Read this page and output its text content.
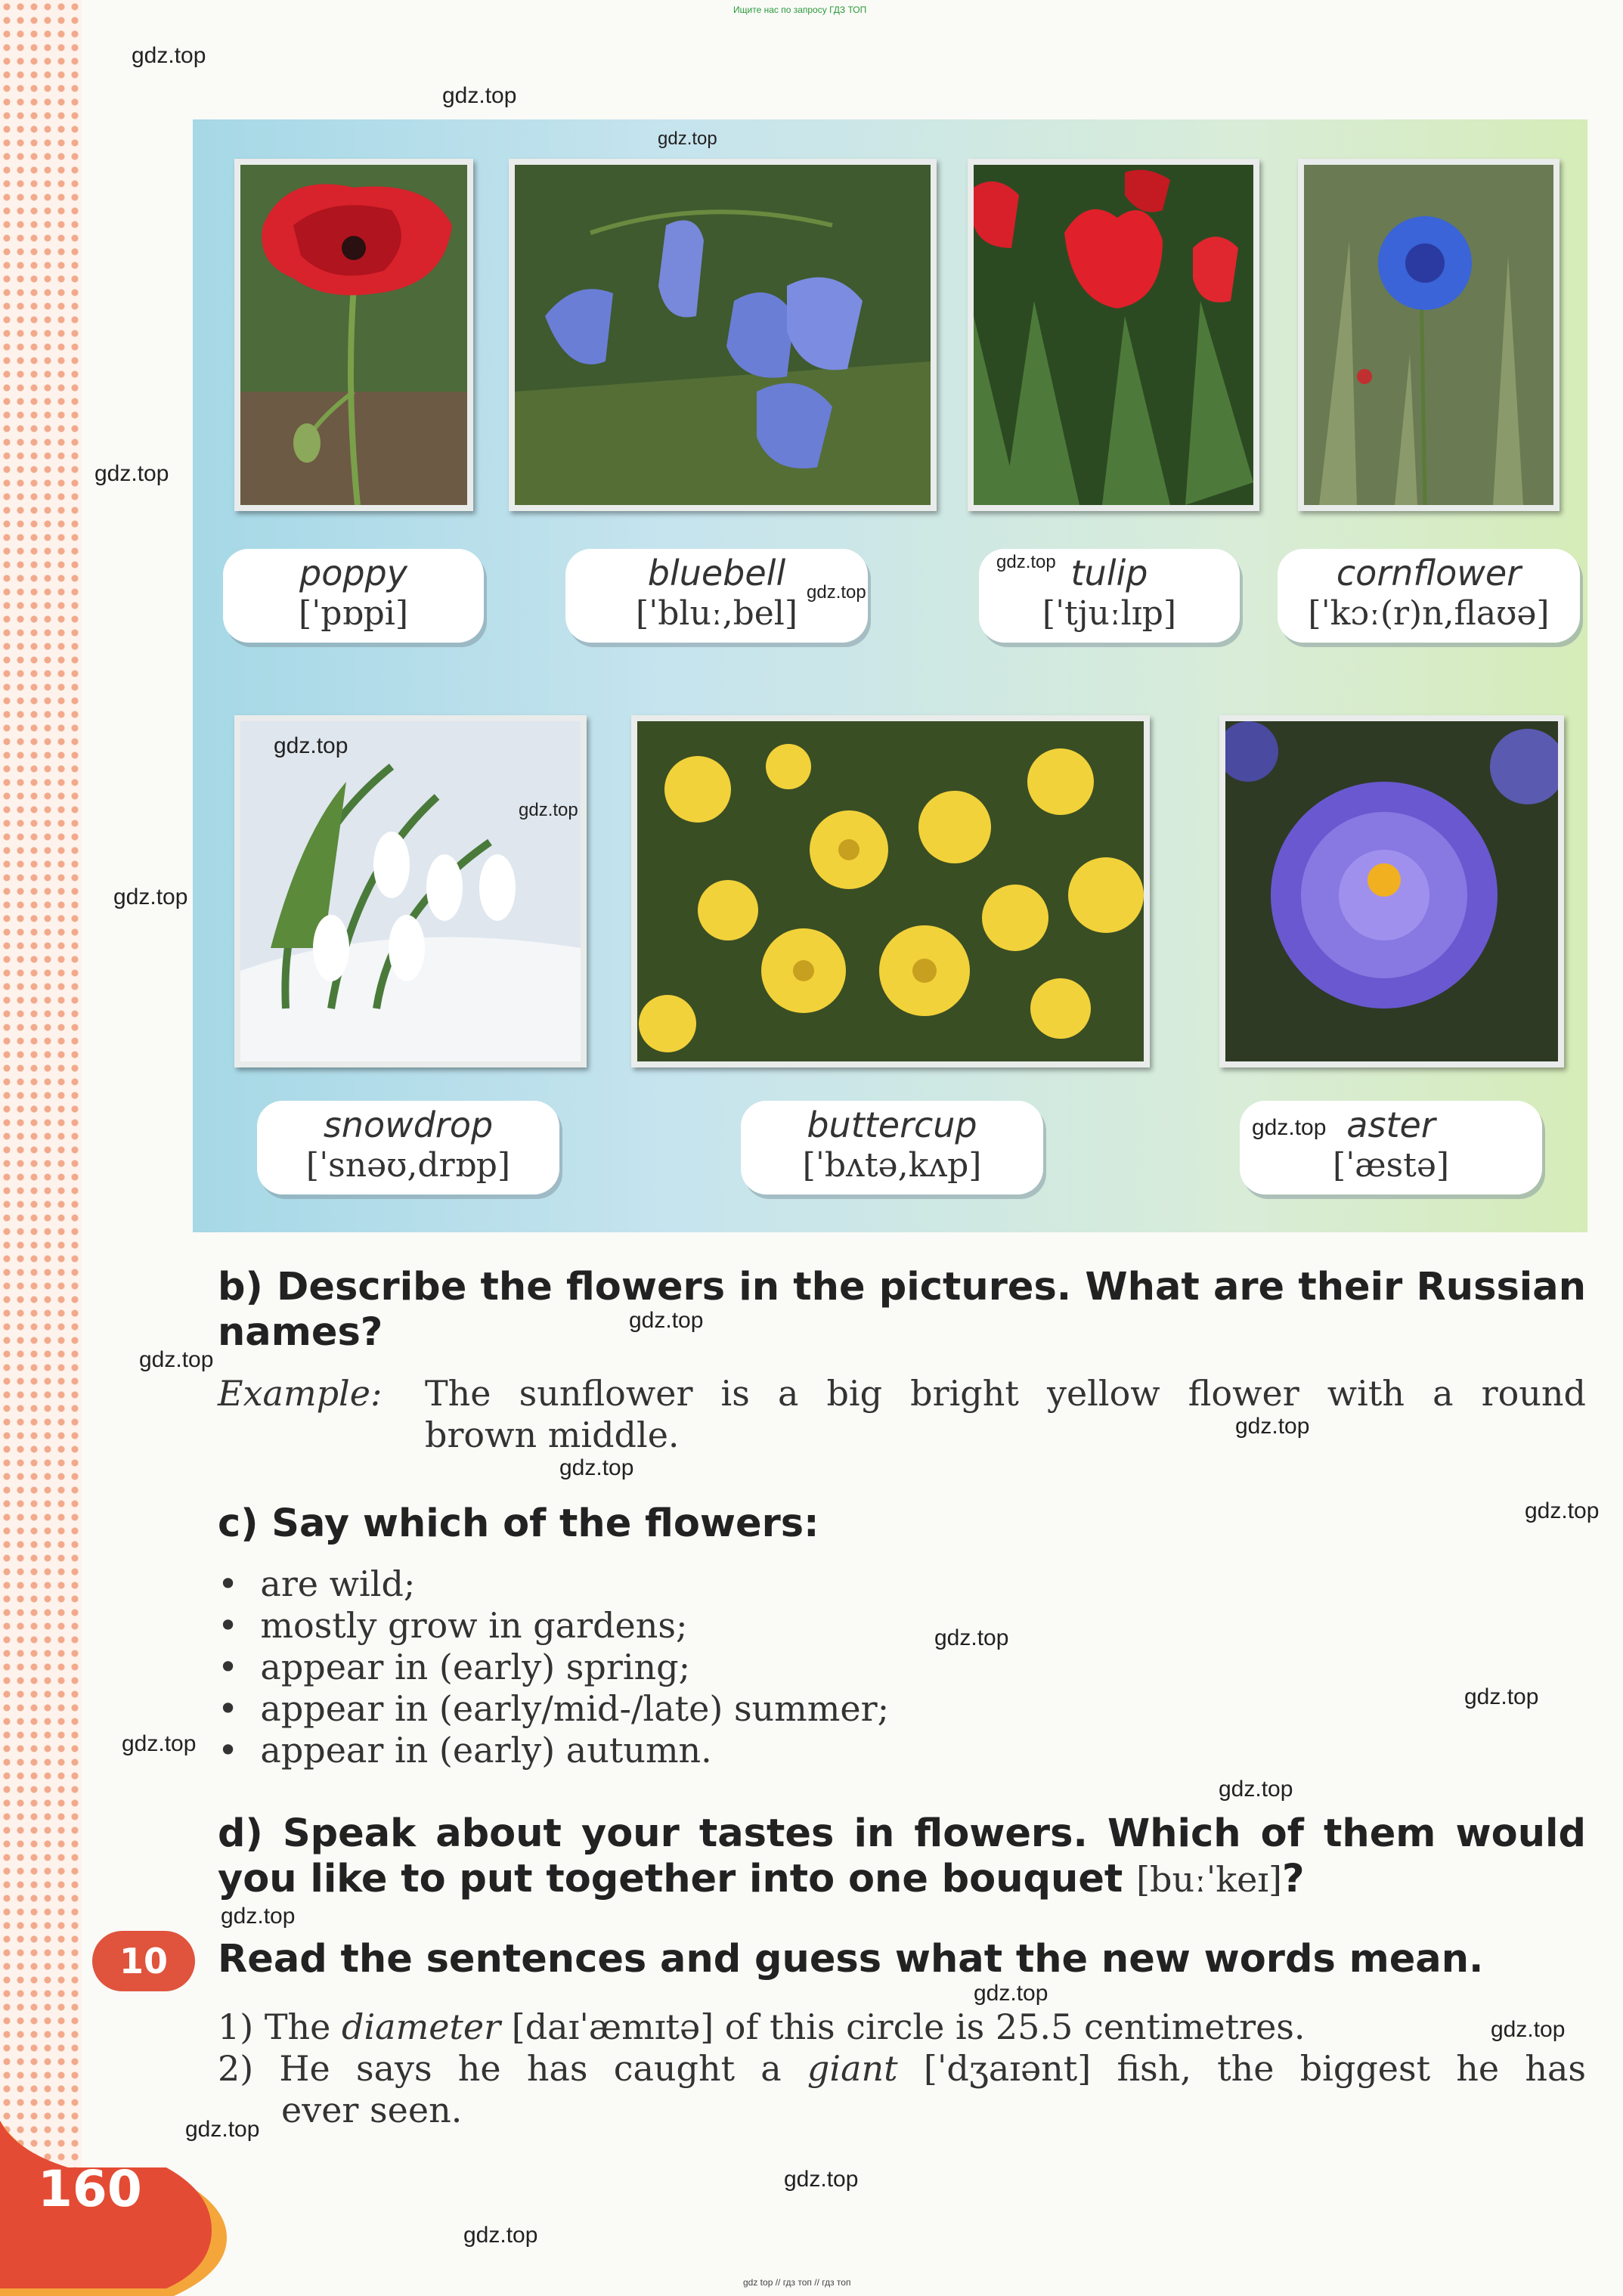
Ищите нас по запросу ГДЗ ТОП
poppy
[ˈpɒpi]
bluebell
[ˈbluː,bel]
tulip
[ˈtjuːlɪp]
cornflower
[ˈkɔː(r)n,flaʊə]
snowdrop
[ˈsnəʊ,drɒp]
buttercup
[ˈbʌtə,kʌp]
aster
[ˈæstə]
b) Describe the flowers in the pictures. What are their Russian names?
Example: The sunflower is a big bright yellow flower with a round
brown middle.
c) Say which of the flowers:
•  are wild;
•  mostly grow in gardens;
•  appear in (early) spring;
•  appear in (early/mid-/late) summer;
•  appear in (early) autumn.
d) Speak about your tastes in flowers. Which of them would
you like to put together into one bouquet [buːˈkeɪ]?
10	Read the sentences and guess what the new words mean.
1) The diameter [daɪˈæmɪtə] of this circle is 25.5 centimetres.
2) He says he has caught a giant [ˈdʒaɪənt] fish, the biggest he has
ever seen.
160
gdz.top
gdz.top
gdz.top
gdz.top
gdz.top
gdz.top
gdz.top
gdz.top
gdz.top
gdz.top
gdz.top
gdz.top
gdz.top
gdz.top
gdz.top
gdz.top
gdz.top
gdz.top
gdz.top
gdz.top
gdz.top
gdz.top
gdz.top
gdz.top
gdz.top
gdz top // гдз топ // гдз топ
